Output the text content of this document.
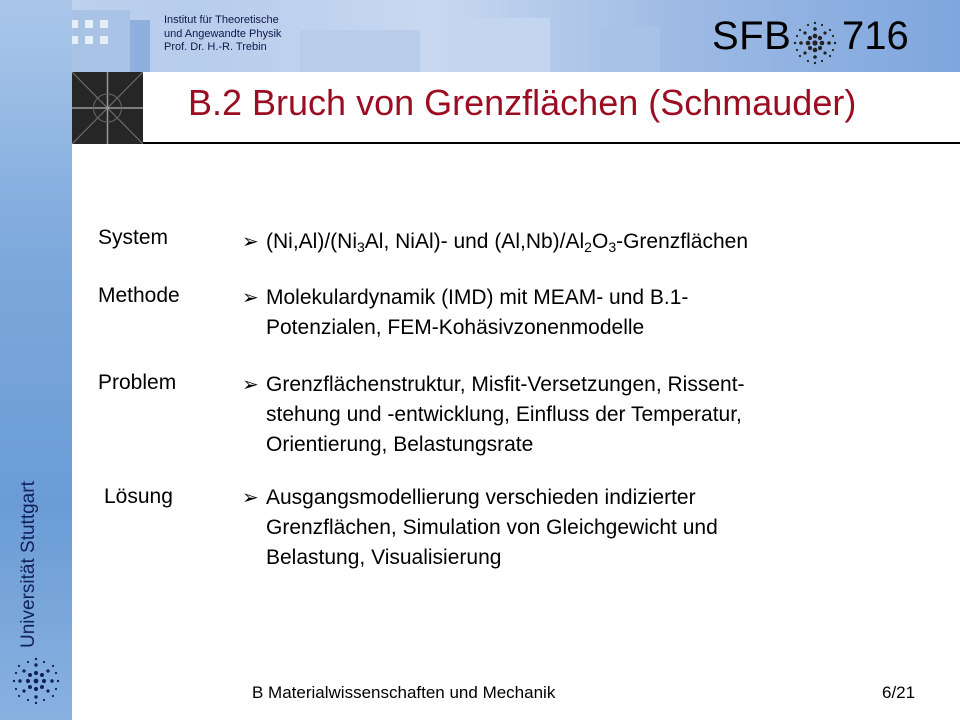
Universität Stuttgart
Institut für Theoretische
und Angewandte Physik
Prof. Dr. H.-R. Trebin	SFB 716
B.2 Bruch von Grenzflächen (Schmauder)
System	➢ $(Ni,Al)/(Ni_3Al$, NiAl)- und $(Al,Nb)/Al_2O_3$-Grenzflächen
Methode	➢ Molekulardynamik (IMD) mit MEAM- und B.1-
Potenzialen, FEM-Kohäsivzonenmodelle
Problem	➢ Grenzflächenstruktur, Misfit-Versetzungen, Rissent-
stehung und -entwicklung, Einfluss der Temperatur,
Orientierung, Belastungsrate
Lösung	➢ Ausgangsmodellierung verschieden indizierter
Grenzflächen, Simulation von Gleichgewicht und
Belastung, Visualisierung
B Materialwissenschaften und Mechanik	6/21
